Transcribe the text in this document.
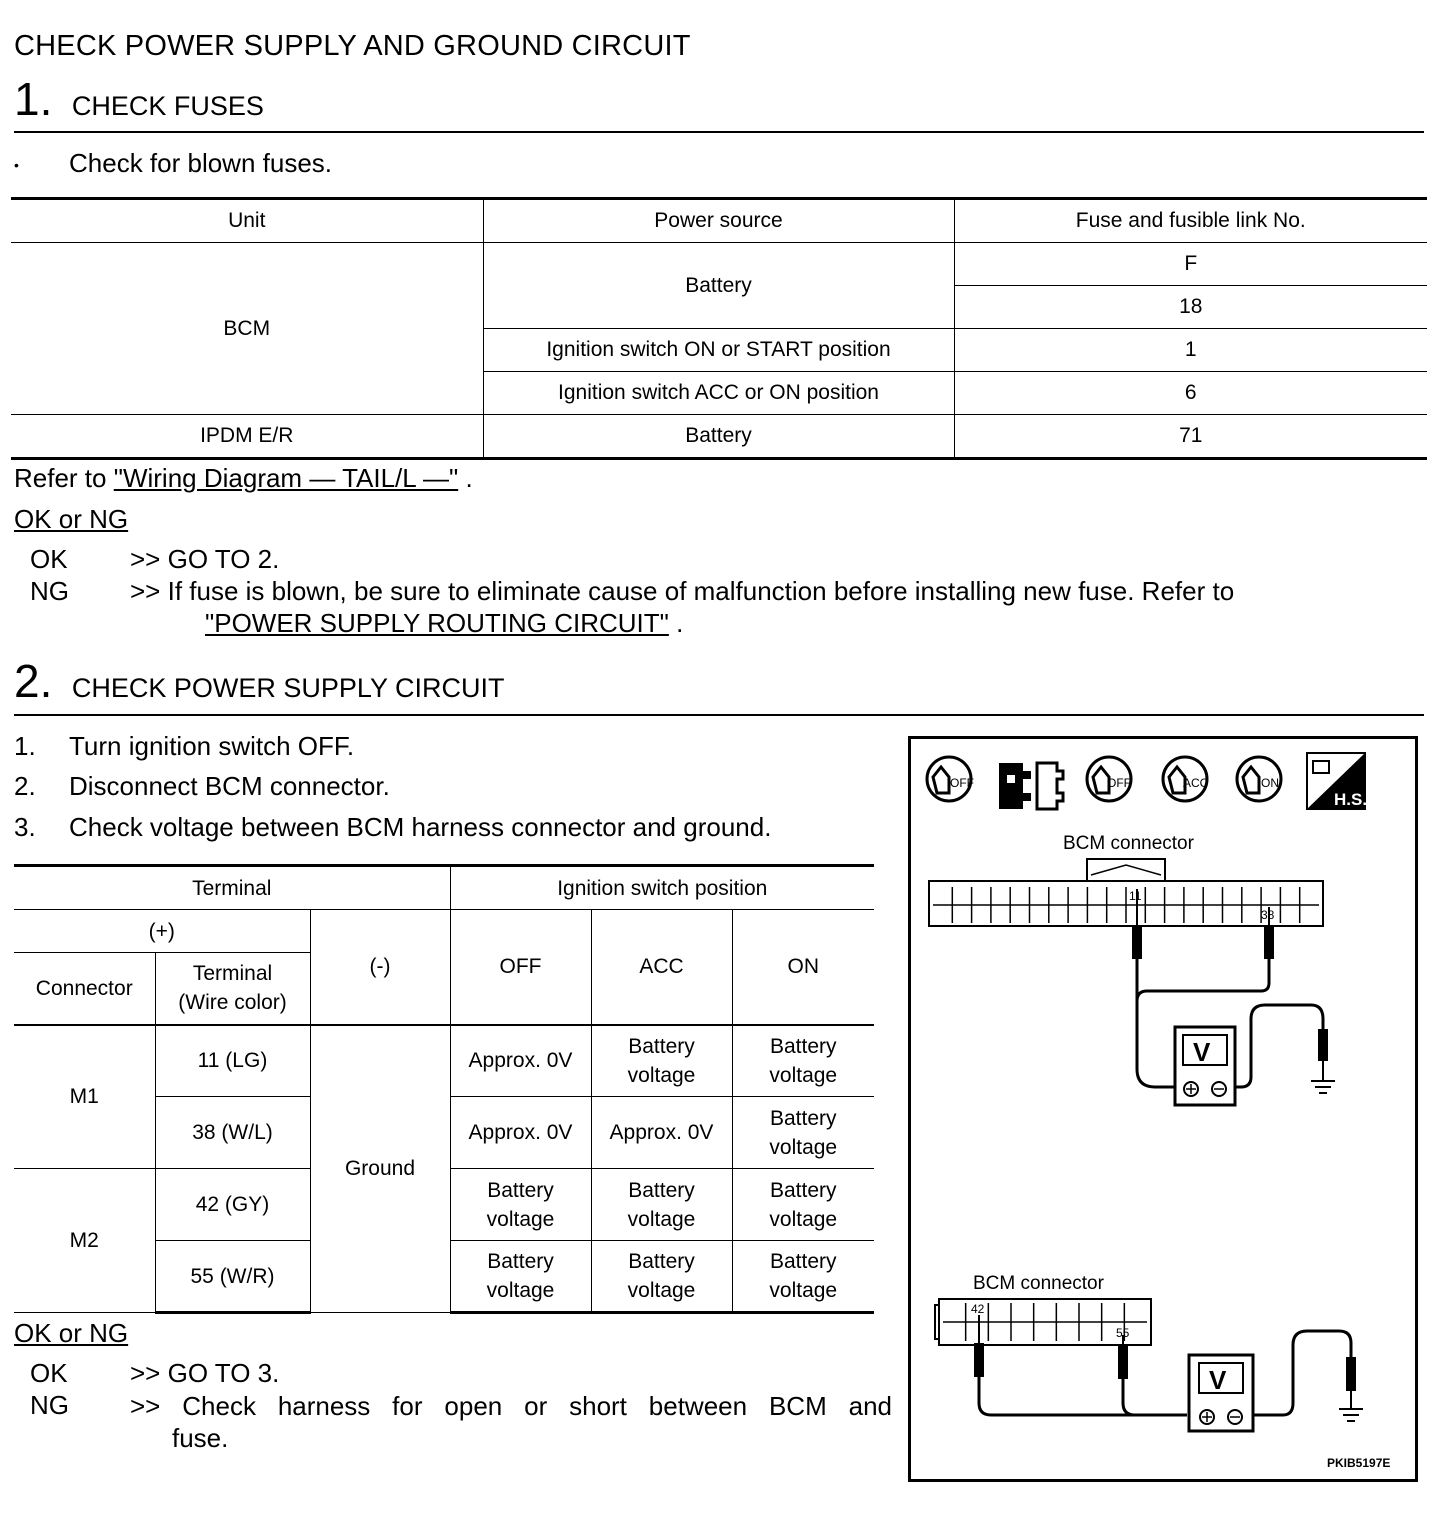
CHECK POWER SUPPLY AND GROUND CIRCUIT
1. CHECK FUSES
• Check for blown fuses.
Unit	Power source	Fuse and fusible link No.
BCM	Battery	F
		18
	Ignition switch ON or START position	1
	Ignition switch ACC or ON position	6
IPDM E/R	Battery	71
Refer to "Wiring Diagram — TAIL/L —" .
OK or NG
OK >> GO TO 2.
NG >> If fuse is blown, be sure to eliminate cause of malfunction before installing new fuse. Refer to
"POWER SUPPLY ROUTING CIRCUIT" .
2. CHECK POWER SUPPLY CIRCUIT
1. Turn ignition switch OFF.
2. Disconnect BCM connector.
3. Check voltage between BCM harness connector and ground.
Terminal			Ignition switch position		
(+)		(-)	OFF	ACC	ON
Connector	Terminal
(Wire color)				
M1	11 (LG)	Ground	Approx. 0V	Battery voltage	Battery voltage
	38 (W/L)		Approx. 0V	Approx. 0V	Battery voltage
M2	42 (GY)		Battery voltage	Battery voltage	Battery voltage
	55 (W/R)		Battery voltage	Battery voltage	Battery voltage
OK or NG
OK >> GO TO 3.
NG >> Check harness for open or short between BCM and fuse.
OFF	OFF	ACC	ON
H.S.
BCM connector
11
38
V
BCM connector
42
55
V
PKIB5197E
